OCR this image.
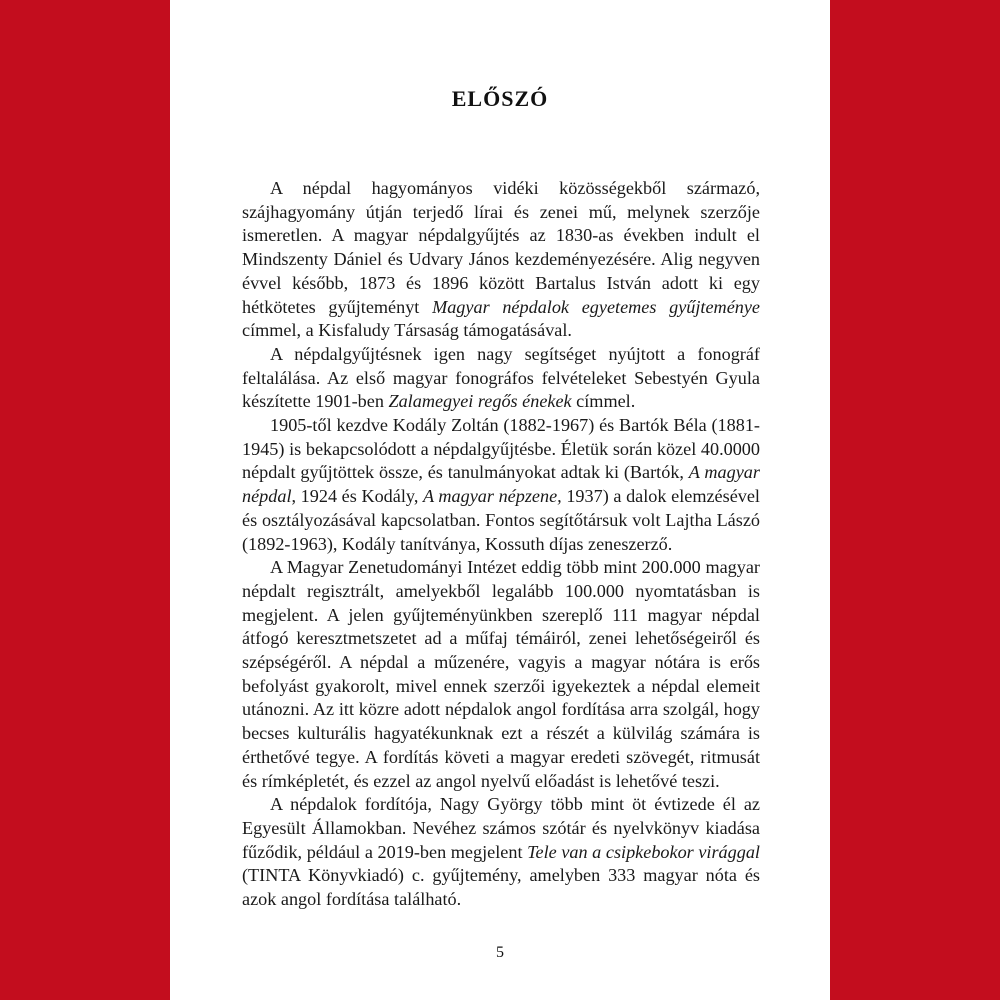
ELŐSZÓ

A népdal hagyományos vidéki közösségekből származó, szájhagyomány útján terjedő lírai és zenei mű, melynek szerzője ismeretlen. A magyar népdalgyűjtés az 1830-as években indult el Mindszenty Dániel és Udvary János kezdeményezésére. Alig negyven évvel később, 1873 és 1896 között Bartalus István adott ki egy hétkötetes gyűjteményt Magyar népdalok egyetemes gyűjteménye címmel, a Kisfaludy Társaság támogatásával.

A népdalgyűjtésnek igen nagy segítséget nyújtott a fonográf feltalálása. Az első magyar fonográfos felvételeket Sebestyén Gyula készítette 1901-ben Zalamegyei regős énekek címmel.

1905-től kezdve Kodály Zoltán (1882-1967) és Bartók Béla (1881-1945) is bekapcsolódott a népdalgyűjtésbe. Életük során közel 40.0000 népdalt gyűjtöttek össze, és tanulmányokat adtak ki (Bartók, A magyar népdal, 1924 és Kodály, A magyar népzene, 1937) a dalok elemzésével és osztályozásával kapcsolatban. Fontos segítőtársuk volt Lajtha Lászó (1892-1963), Kodály tanítványa, Kossuth díjas zeneszerző.

A Magyar Zenetudományi Intézet eddig több mint 200.000 magyar népdalt regisztrált, amelyekből legalább 100.000 nyomtatásban is megjelent. A jelen gyűjteményünkben szereplő 111 magyar népdal átfogó keresztmetszetet ad a műfaj témáiról, zenei lehetőségeiről és szépségéről. A népdal a műzenére, vagyis a magyar nótára is erős befolyást gyakorolt, mivel ennek szerzői igyekeztek a népdal elemeit utánozni. Az itt közre adott népdalok angol fordítása arra szolgál, hogy becses kulturális hagyatékunknak ezt a részét a külvilág számára is érthetővé tegye. A fordítás követi a magyar eredeti szövegét, ritmusát és rímképletét, és ezzel az angol nyelvű előadást is lehetővé teszi.

A népdalok fordítója, Nagy György több mint öt évtizede él az Egyesült Államokban. Nevéhez számos szótár és nyelvkönyv kiadása fűződik, például a 2019-ben megjelent Tele van a csipkebokor virággal (TINTA Könyvkiadó) c. gyűjtemény, amelyben 333 magyar nóta és azok angol fordítása található.

5
